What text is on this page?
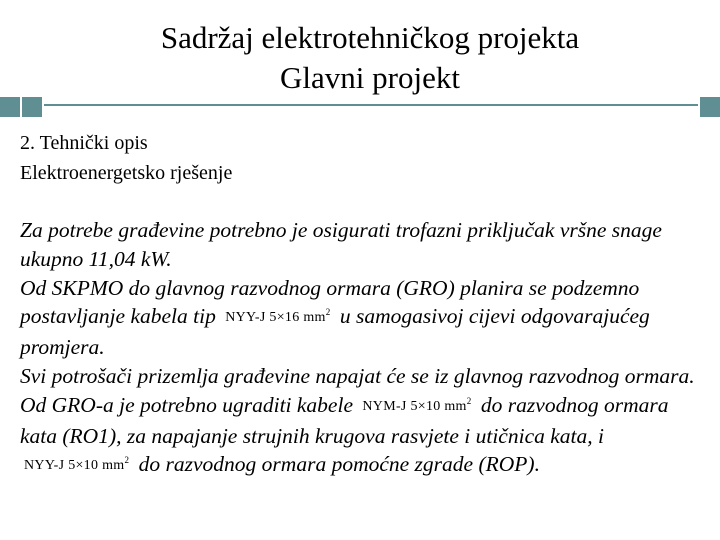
Sadržaj elektrotehničkog projekta
Glavni projekt
2. Tehnički opis
Elektroenergetsko rješenje

Za potrebe građevine potrebno je osigurati trofazni priključak vršne snage ukupno 11,04 kW.

Od SKPMO do glavnog razvodnog ormara (GRO) planira se podzemno postavljanje kabela tip NYY-J 5×16 $mm^2$ u samogasivoj cijevi odgovarajućeg promjera.

Svi potrošači prizemlja građevine napajat će se iz glavnog razvodnog ormara.

Od GRO-a je potrebno ugraditi kabele NYM-J 5×10 $mm^2$ do razvodnog ormara kata (RO1), za napajanje strujnih krugova rasvjete i utičnica kata, i NYY-J 5×10 $mm^2$ do razvodnog ormara pomoćne zgrade (ROP).
